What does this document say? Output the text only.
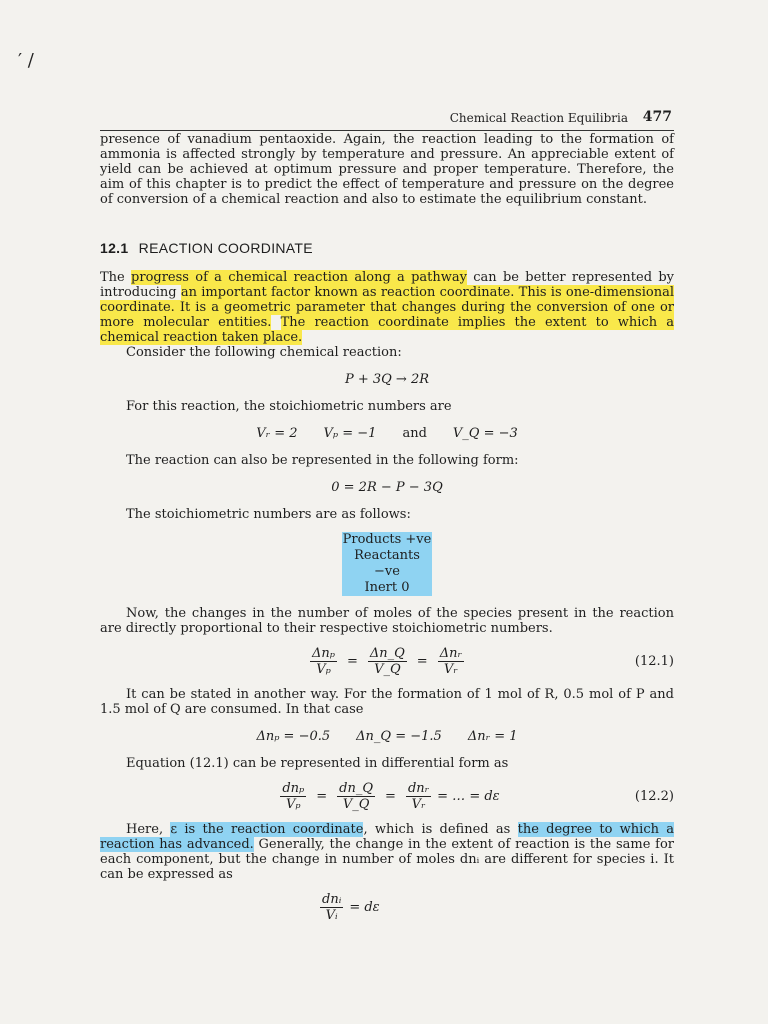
′ /
Chemical Reaction Equilibria 477

presence of vanadium pentaoxide. Again, the reaction leading to the formation of ammonia is affected strongly by temperature and pressure. An appreciable extent of yield can be achieved at optimum pressure and proper temperature. Therefore, the aim of this chapter is to predict the effect of temperature and pressure on the degree of conversion of a chemical reaction and also to estimate the equilibrium constant.

12.1 REACTION COORDINATE

The progress of a chemical reaction along a pathway can be better represented by introducing an important factor known as reaction coordinate. This is one-dimensional coordinate. It is a geometric parameter that changes during the conversion of one or more molecular entities. The reaction coordinate implies the extent to which a chemical reaction taken place.

Consider the following chemical reaction:

P + 3Q → 2R

For this reaction, the stoichiometric numbers are

Vᵣ = 2 Vₚ = −1 and V_Q = −3

The reaction can also be represented in the following form:

0 = 2R − P − 3Q

The stoichiometric numbers are as follows:

Products +ve
Reactants −ve
Inert 0

Now, the changes in the number of moles of the species present in the reaction are directly proportional to their respective stoichiometric numbers.

$\frac{\text{Δnₚ}}{\text{Vₚ}} = \frac{\Delta n\_Q}{V\_Q} = \frac{\text{Δnᵣ}}{\text{Vᵣ}}$	(12.1)

It can be stated in another way. For the formation of 1 mol of R, 0.5 mol of P and 1.5 mol of Q are consumed. In that case

Δnₚ = −0.5 Δn_Q = −1.5 Δnᵣ = 1

Equation (12.1) can be represented in differential form as

$\frac{\text{dnₚ}}{\text{Vₚ}} = \frac{dn\_Q}{V\_Q} = \frac{\text{dnᵣ}}{\text{Vᵣ}}$ = … = dε	(12.2)

Here, ε is the reaction coordinate, which is defined as the degree to which a reaction has advanced. Generally, the change in the extent of reaction is the same for each component, but the change in number of moles dnᵢ are different for species i. It can be expressed as

$\frac{\text{dnᵢ}}{\text{Vᵢ}} = d\varepsilon$
